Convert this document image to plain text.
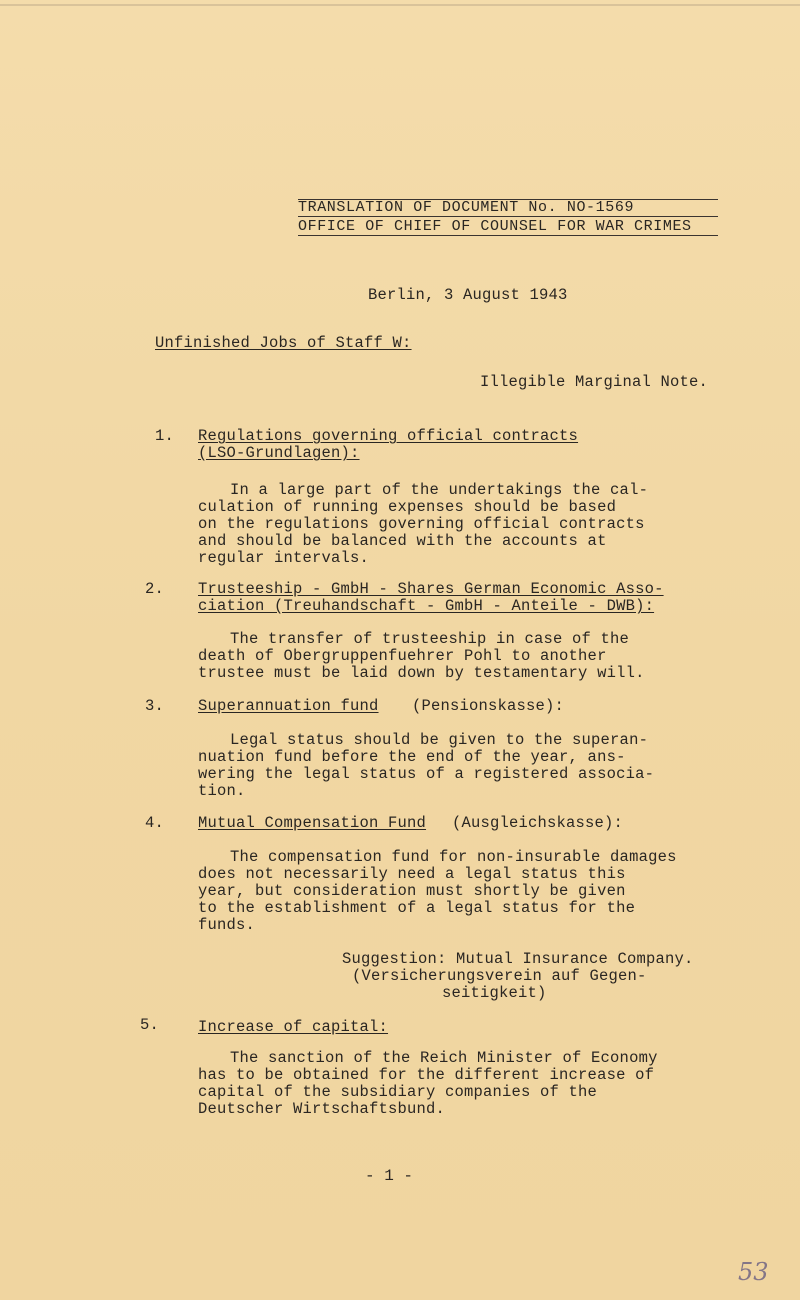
TRANSLATION OF DOCUMENT No. NO-1569
OFFICE OF CHIEF OF COUNSEL FOR WAR CRIMES
Berlin, 3 August 1943
Unfinished Jobs of Staff W:
Illegible Marginal Note.
1. Regulations governing official contracts
(LSO-Grundlagen):
In a large part of the undertakings the cal-
culation of running expenses should be based
on the regulations governing official contracts
and should be balanced with the accounts at
regular intervals.
2. Trusteeship - GmbH - Shares German Economic Asso-
ciation (Treuhandschaft - GmbH - Anteile - DWB):
The transfer of trusteeship in case of the
death of Obergruppenfuehrer Pohl to another
trustee must be laid down by testamentary will.
3. Superannuation fund (Pensionskasse):
Legal status should be given to the superan-
nuation fund before the end of the year, ans-
wering the legal status of a registered associa-
tion.
4. Mutual Compensation Fund (Ausgleichskasse):
The compensation fund for non-insurable damages
does not necessarily need a legal status this
year, but consideration must shortly be given
to the establishment of a legal status for the
funds.
Suggestion: Mutual Insurance Company.
(Versicherungsverein auf Gegen-
seitigkeit)
5.	Increase of capital:
The sanction of the Reich Minister of Economy
has to be obtained for the different increase of
capital of the subsidiary companies of the
Deutscher Wirtschaftsbund.
- 1 -
53
